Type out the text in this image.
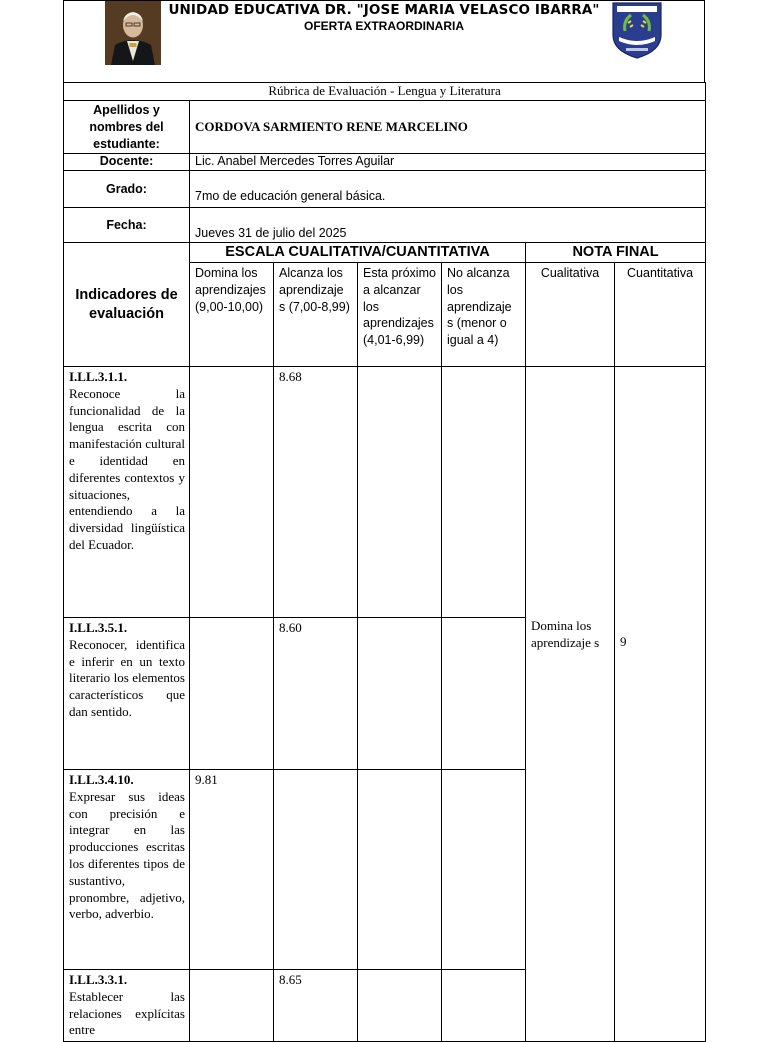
UNIDAD EDUCATIVA DR. "JOSE MARIA VELASCO IBARRA"
OFERTA EXTRAORDINARIA
Rúbrica de Evaluación - Lengua y Literatura						
Apellidos y nombres del estudiante:	CORDOVA SARMIENTO RENE MARCELINO					
Docente:	Lic. Anabel Mercedes Torres Aguilar					
Grado:	7mo de educación general básica.					
Fecha:	Jueves 31 de julio del 2025					
Indicadores de evaluación	ESCALA CUALITATIVA/CUANTITATIVA				NOTA FINAL	
	Domina los aprendizajes (9,00-10,00)	Alcanza los aprendizaje s (7,00-8,99)	Esta próximo a alcanzar los aprendizajes (4,01-6,99)	No alcanza los aprendizaje s (menor o igual a 4)	Cualitativa	Cuantitativa

I.LL.3.1.1.
Reconoce la funcionalidad de la lengua escrita con manifestación cultural e identidad en diferentes contextos y situaciones, entendiendo a la diversidad lingüística del Ecuador.		8.68			Domina los aprendizaje s	9

I.LL.3.5.1.
Reconocer, identifica e inferir en un texto literario los elementos característicos que dan sentido.		8.60				

I.LL.3.4.10.
Expresar sus ideas con precisión e integrar en las producciones escritas los diferentes tipos de sustantivo, pronombre, adjetivo, verbo, adverbio.	9.81					

I.LL.3.3.1.
Establecer las relaciones explícitas entre		8.65				
